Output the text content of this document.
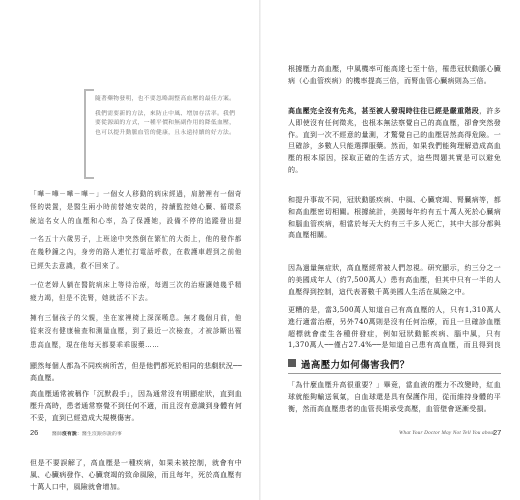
隨著藥物發明，也不要忽略調整高血壓的最佳方案。

我們需要新的方法，來防止中風、增加存活率。我們要從源頭的方式，一種平價和無副作用的降低血壓，也可以提升動脈血管的健康，且永遠持續的好方法。

「嘩－嘩－嘩－嘩－」一個女人移動的病床經過，肩膀裡有一個奇怪的裝置，是醫生兩小時前替她安裝的，持續監控她心臟、循環系統這名女人的血壓和心率，為了保護她，設備不停的追蹤發出提

一名五十六歲男子，上班途中突然倒在繁忙的大街上，他的發作都在幾秒鐘之內，身旁的路人連忙打電話呼救，在救護車趕到之前他已經失去意識，救不回來了。

一位老婦人躺在醫院病床上等待治療，每週三次的治療讓她幾乎精疲力竭，但是不洗腎，她就活不下去。

擁有三個孩子的父親，坐在家裡椅上深深嘆息。無才幾個月前，他從來沒有健康檢查和測量血壓，到了最近一次檢查，才被診斷出罹患高血壓，現在他每天都要乖乖服藥……

顯然每個人都為不同疾病所苦，但是他們都死於相同的悲劇狀況──高血壓。

高血壓通常被稱作「沉默殺手」，因為通常沒有明顯症狀，直到血壓升高時，患者通常察覺不到任何不適，而且沒有意識到身體有何不妥，直到已經造成大規模傷害。

但是不要誤解了，高血壓是一種疾病，如果未被控制，就會有中風、心臟病發作、心臟衰竭的致命風險，而且每年，死於高血壓有十萬人口中，風險就會增加。

26	醫師沒有說：醫生沒跟你說的事

根據壓力高血壓，中風機率可能高達七至十倍，罹患冠狀動脈心臟病（心血管疾病）的機率提高三倍，而腎血管心臟病則為三倍。

高血壓完全沒有先兆，甚至被人發現時往往已經是嚴重階段，許多人即使沒有任何徵兆，也根本無法察覺自己的高血壓，卻會突然發作。直到一次不經意的量測，才驚覺自己的血壓居然高得危險。一旦確診，多數人只能選擇服藥。然而，如果我們能夠理解造成高血壓的根本原因，採取正確的生活方式，這些問題其實是可以避免的。

和提升事故不同，冠狀動脈疾病、中風、心臟衰竭、腎臟病等，都和高血壓密切相關。根據統計，美國每年約有五十萬人死於心臟病和腦血管疾病，相當於每天大約有三千多人死亡，其中大部分都與高血壓相關。

因為過量無症狀，高血壓經常被人們忽視。研究顯示，約三分之一的美國成年人（約7,500萬人）患有高血壓，但其中只有一半的人血壓得到控制，這代表著數千萬美國人生活在風險之中。

更糟的是，當3,500萬人知道自己有高血壓的人，只有1,310萬人進行適當治療，另外740萬則是沒有任何治療，而且一旦確診血壓超標就會產生各種併發症，例如冠狀動脈疾病、腦中風，只有1,370萬人──僅占27.4%──是知道自己患有高血壓，而且得到良

過高壓力如何傷害我們？

「為什麼血壓升高很重要？」畢竟，當血液的壓力不改變時，紅血球就能夠輸送氧氣，自血球還是具有保護作用，從而維持身體的平衡，然而高血壓患者的血管長期承受高壓，血管壁會逐漸受損。

What Your Doctor May Not Tell You about
27
